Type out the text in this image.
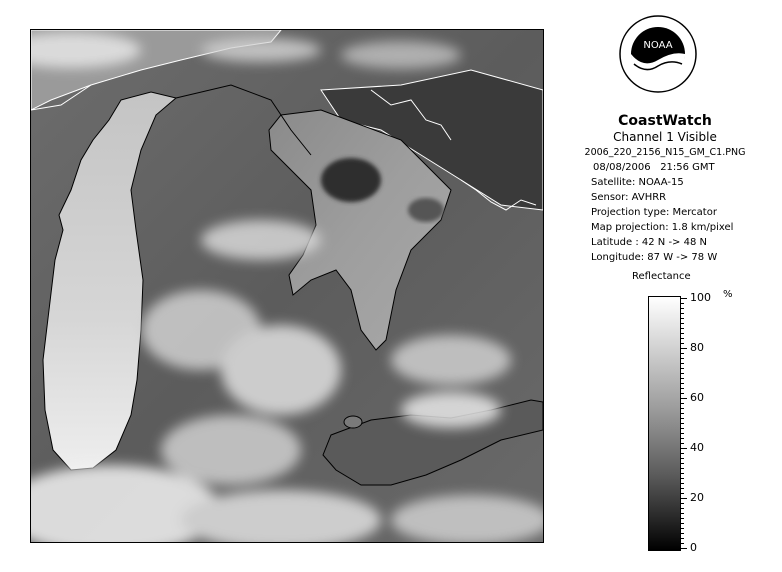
NOAA
CoastWatch
Channel 1 Visible
2006_220_2156_N15_GM_C1.PNG
08/08/2006 21:56 GMT
Satellite: NOAA-15
Sensor: AVHRR
Projection type: Mercator
Map projection: 1.8 km/pixel
Latitude : 42 N -> 48 N
Longitude: 87 W -> 78 W
Reflectance
%
100
80
60
40
20
0
